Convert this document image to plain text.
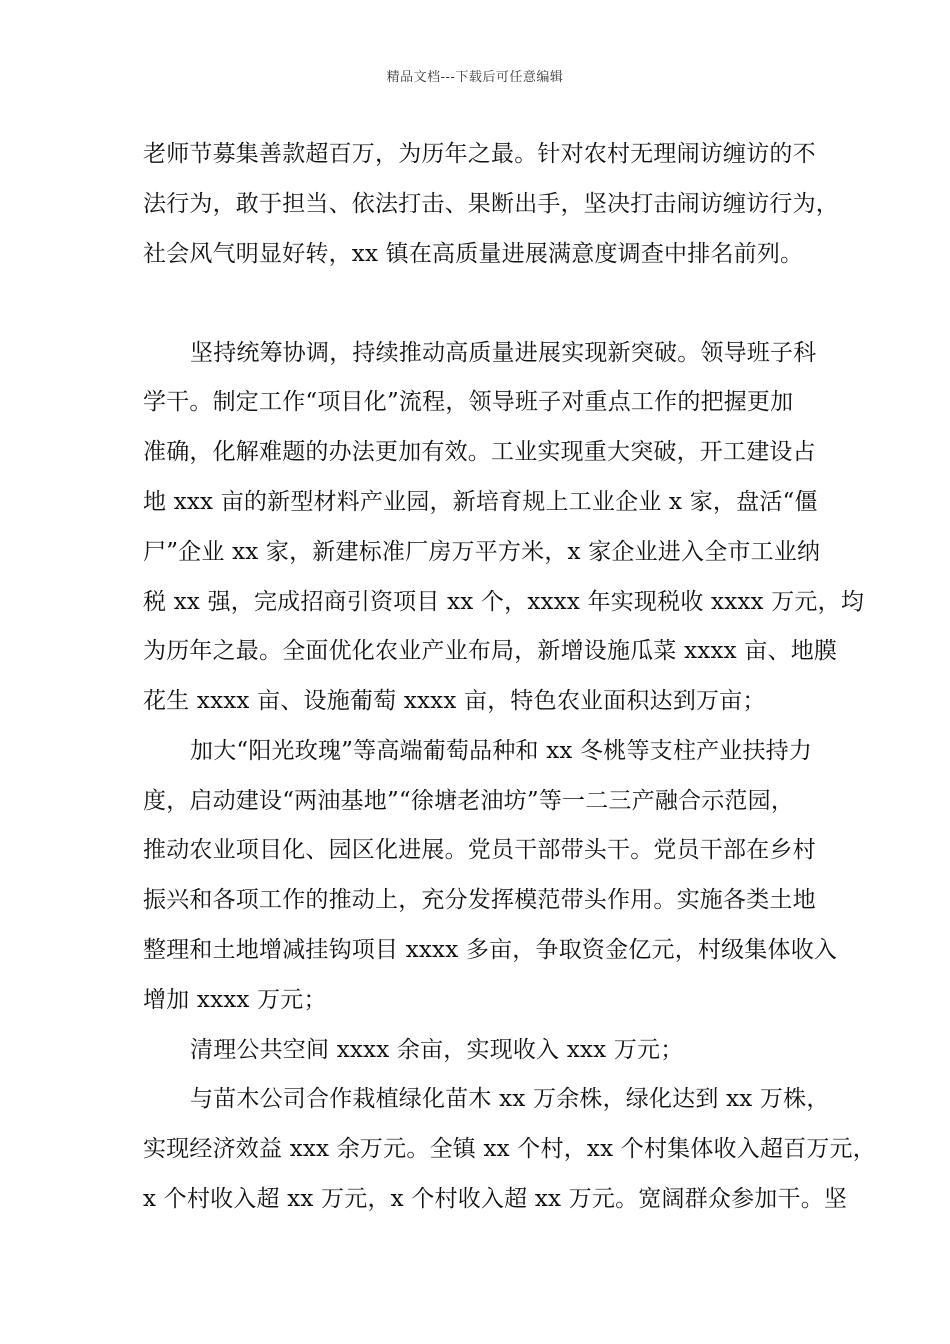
精品文档---下载后可任意编辑
老师节募集善款超百万，为历年之最。针对农村无理闹访缠访的不
法行为，敢于担当、依法打击、果断出手，坚决打击闹访缠访行为，
社会风气明显好转，xx 镇在高质量进展满意度调查中排名前列。
坚持统筹协调，持续推动高质量进展实现新突破。领导班子科
学干。制定工作“项目化”流程，领导班子对重点工作的把握更加
准确，化解难题的办法更加有效。工业实现重大突破，开工建设占
地 xxx 亩的新型材料产业园，新培育规上工业企业 x 家，盘活“僵
尸”企业 xx 家，新建标准厂房万平方米，x 家企业进入全市工业纳
税 xx 强，完成招商引资项目 xx 个，xxxx 年实现税收 xxxx 万元，均
为历年之最。全面优化农业产业布局，新增设施瓜菜 xxxx 亩、地膜
花生 xxxx 亩、设施葡萄 xxxx 亩，特色农业面积达到万亩；
加大“阳光玫瑰”等高端葡萄品种和 xx 冬桃等支柱产业扶持力
度，启动建设“两油基地”“徐塘老油坊”等一二三产融合示范园，
推动农业项目化、园区化进展。党员干部带头干。党员干部在乡村
振兴和各项工作的推动上，充分发挥模范带头作用。实施各类土地
整理和土地增减挂钩项目 xxxx 多亩，争取资金亿元，村级集体收入
增加 xxxx 万元；
清理公共空间 xxxx 余亩，实现收入 xxx 万元；
与苗木公司合作栽植绿化苗木 xx 万余株，绿化达到 xx 万株，
实现经济效益 xxx 余万元。全镇 xx 个村，xx 个村集体收入超百万元，
x 个村收入超 xx 万元，x 个村收入超 xx 万元。宽阔群众参加干。坚
